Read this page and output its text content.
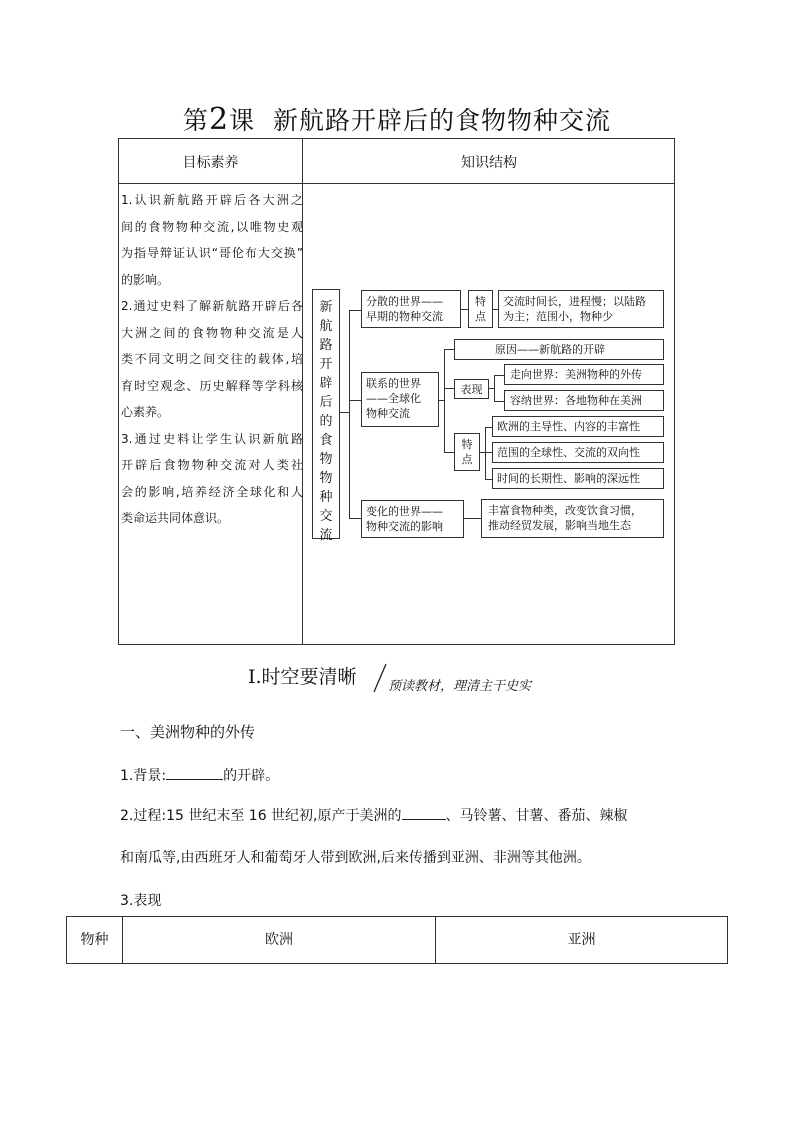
第2课 新航路开辟后的食物物种交流
目标素养	知识结构

1.认识新航路开辟后各大洲之

间的食物物种交流,以唯物史观

为指导辩证认识“哥伦布大交换”

的影响。

2.通过史料了解新航路开辟后各

大洲之间的食物物种交流是人

类不同文明之间交往的载体,培

育时空观念、历史解释等学科核

心素养。

3.通过史料让学生认识新航路

开辟后食物物种交流对人类社

会的影响,培养经济全球化和人

类命运共同体意识。

新
航
路
开
辟
后
的
食
物
物
种
交
流
分散的世界——
早期的物种交流
特
点
交流时间长，进程慢；以陆路
为主；范围小，物种少
联系的世界
——全球化
物种交流
原因——新航路的开辟
表现
走向世界：美洲物种的外传
容纳世界：各地物种在美洲
特
点
欧洲的主导性、内容的丰富性
范围的全球性、交流的双向性
时间的长期性、影响的深远性
变化的世界——
物种交流的影响
丰富食物种类，改变饮食习惯，
推动经贸发展，影响当地生态
Ⅰ.时空要清晰 预读教材，理清主干史实
一、美洲物种的外传
1.背景:	的开辟。
2.过程:15 世纪末至 16 世纪初,原产于美洲的	、马铃薯、甘薯、番茄、辣椒
和南瓜等,由西班牙人和葡萄牙人带到欧洲,后来传播到亚洲、非洲等其他洲。
3.表现
物种	欧洲	亚洲
